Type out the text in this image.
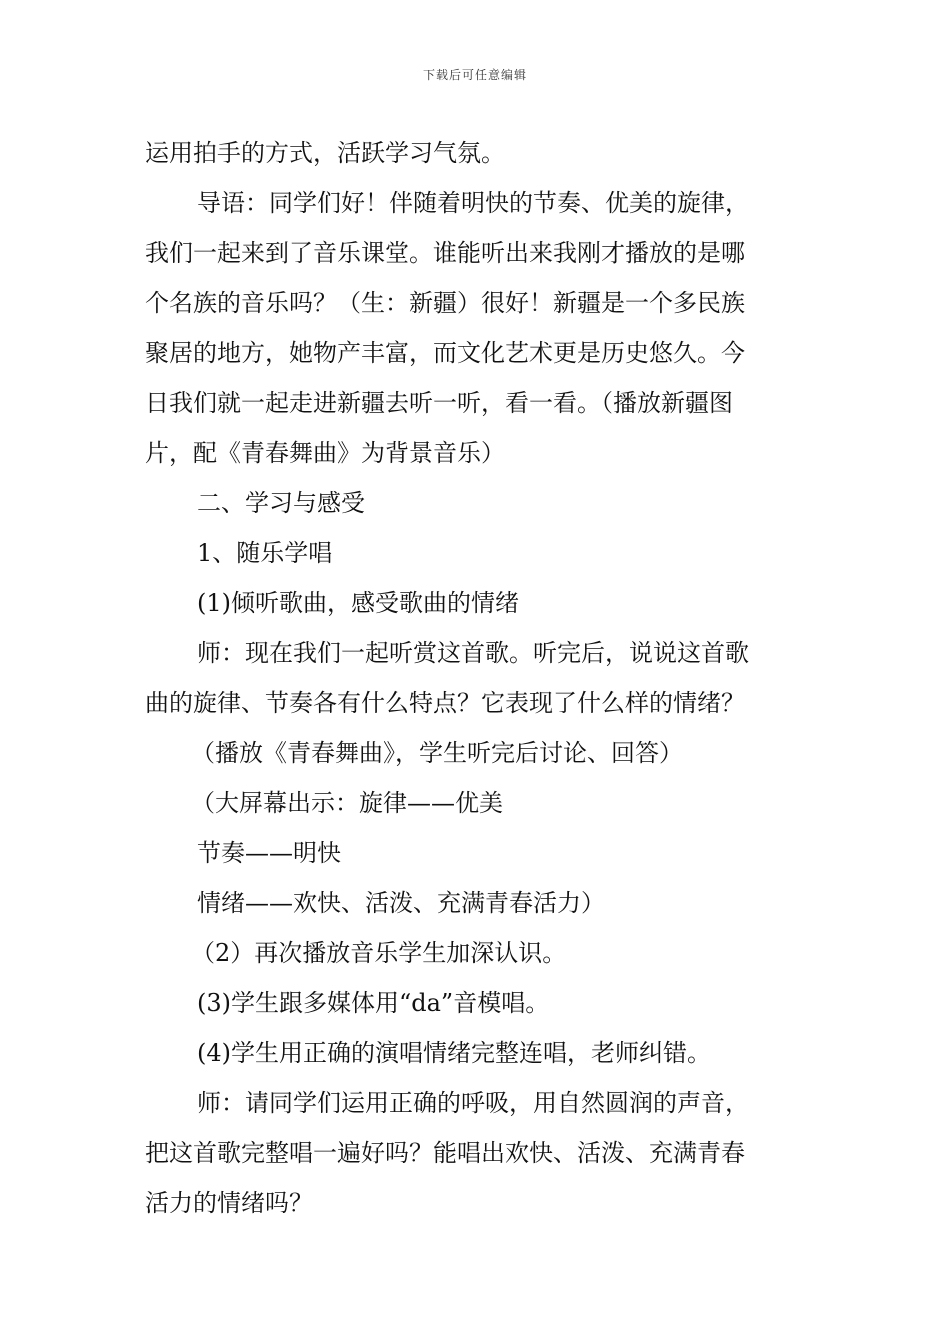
下载后可任意编辑
运用拍手的方式，活跃学习气氛。
导语：同学们好！伴随着明快的节奏、优美的旋律，
我们一起来到了音乐课堂。谁能听出来我刚才播放的是哪
个名族的音乐吗？（生：新疆）很好！新疆是一个多民族
聚居的地方，她物产丰富，而文化艺术更是历史悠久。今
日我们就一起走进新疆去听一听，看一看。（播放新疆图
片，配《青春舞曲》为背景音乐）
二、学习与感受
1、随乐学唱
(1)倾听歌曲，感受歌曲的情绪
师：现在我们一起听赏这首歌。听完后，说说这首歌
曲的旋律、节奏各有什么特点？它表现了什么样的情绪？
（播放《青春舞曲》，学生听完后讨论、回答）
（大屏幕出示：旋律——优美
节奏——明快
情绪——欢快、活泼、充满青春活力）
（2）再次播放音乐学生加深认识。
(3)学生跟多媒体用“da”音模唱。
(4)学生用正确的演唱情绪完整连唱，老师纠错。
师：请同学们运用正确的呼吸，用自然圆润的声音，
把这首歌完整唱一遍好吗？能唱出欢快、活泼、充满青春
活力的情绪吗？
